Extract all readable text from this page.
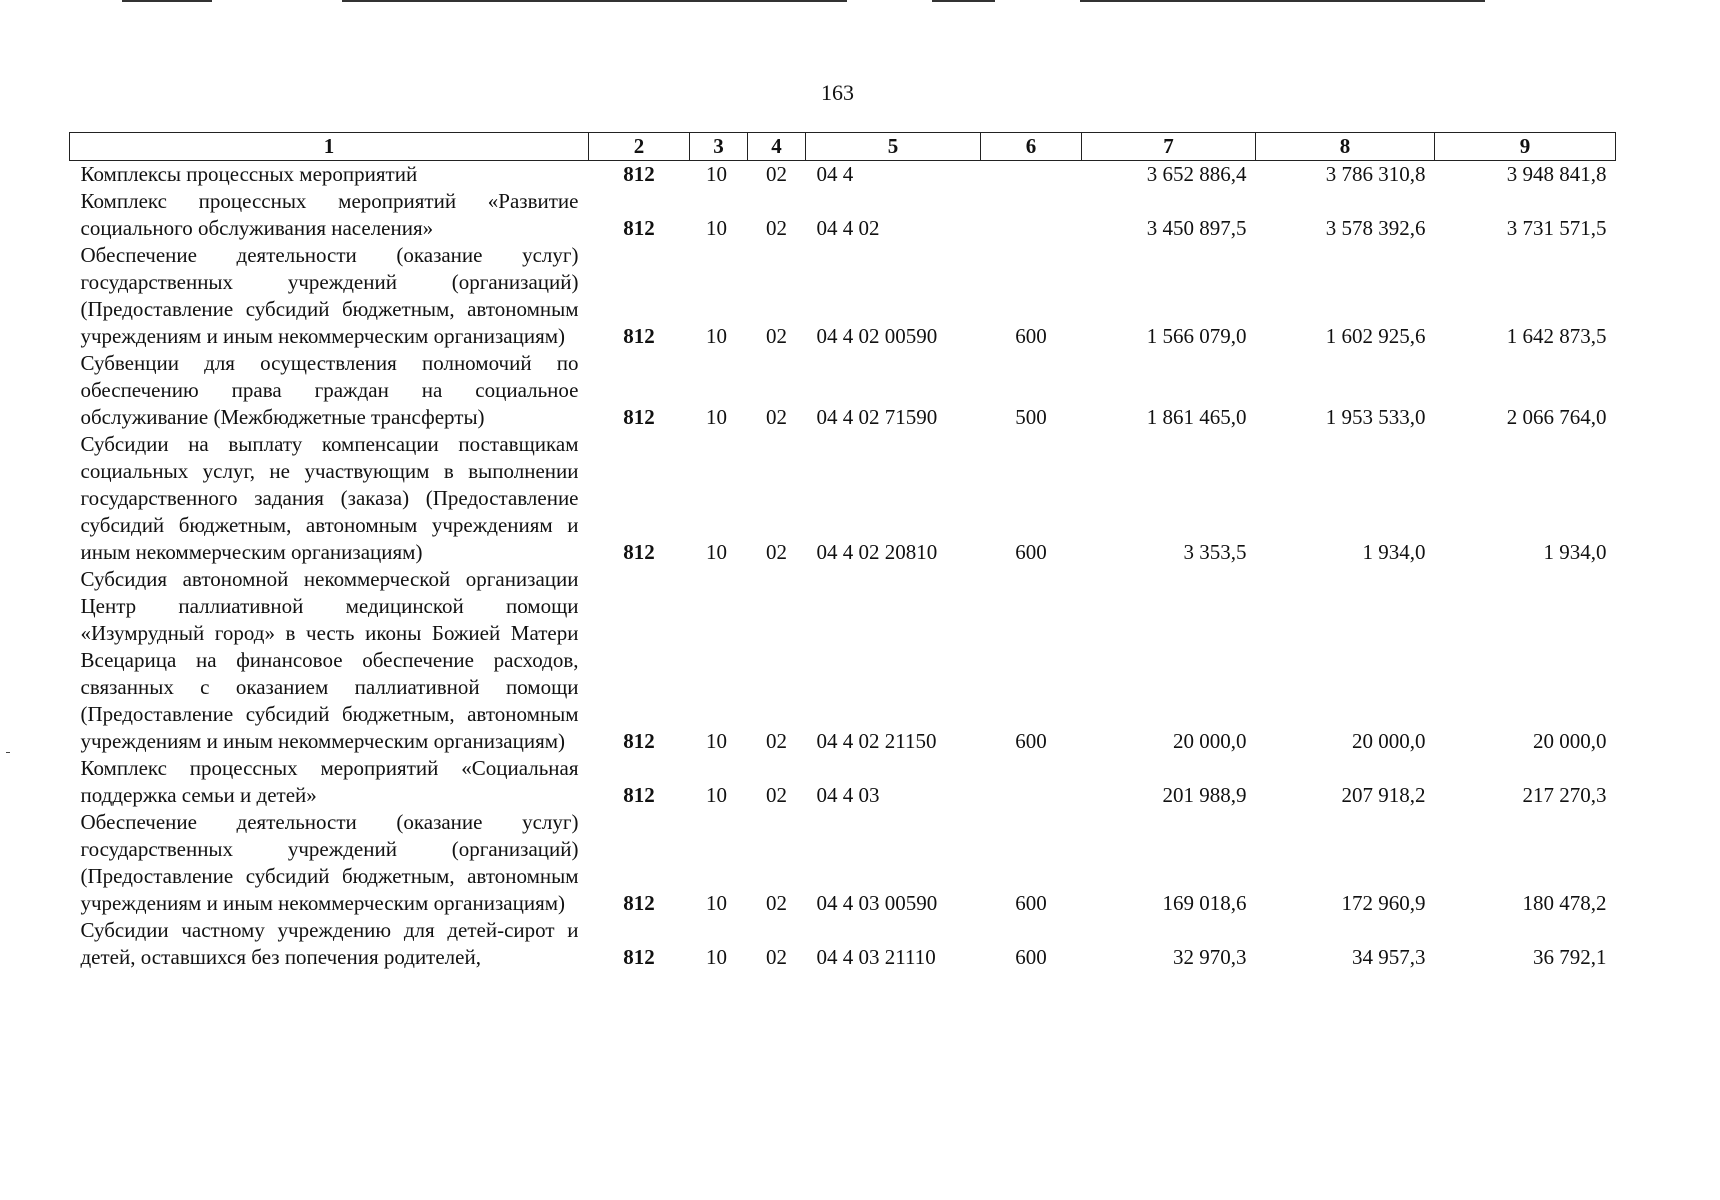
163
1	2	3	4	5	6	7	8	9
Комплексы процессных мероприятий	812	10	02	04 4		3 652 886,4	3 786 310,8	3 948 841,8
Комплекс процессных мероприятий «Развитие социального обслуживания населения»	812	10	02	04 4 02		3 450 897,5	3 578 392,6	3 731 571,5
Обеспечение деятельности (оказание услуг) государственных учреждений (организаций) (Предоставление субсидий бюджетным, автономным учреждениям и иным некоммерческим организациям)	812	10	02	04 4 02 00590	600	1 566 079,0	1 602 925,6	1 642 873,5
Субвенции для осуществления полномочий по обеспечению права граждан на социальное обслуживание (Межбюджетные трансферты)	812	10	02	04 4 02 71590	500	1 861 465,0	1 953 533,0	2 066 764,0
Субсидии на выплату компенсации поставщикам социальных услуг, не участвующим в выполнении государственного задания (заказа) (Предоставление субсидий бюджетным, автономным учреждениям и иным некоммерческим организациям)	812	10	02	04 4 02 20810	600	3 353,5	1 934,0	1 934,0
Субсидия автономной некоммерческой организации Центр паллиативной медицинской помощи «Изумрудный город» в честь иконы Божией Матери Всецарица на финансовое обеспечение расходов, связанных с оказанием паллиативной помощи (Предоставление субсидий бюджетным, автономным учреждениям и иным некоммерческим организациям)	812	10	02	04 4 02 21150	600	20 000,0	20 000,0	20 000,0
Комплекс процессных мероприятий «Социальная поддержка семьи и детей»	812	10	02	04 4 03		201 988,9	207 918,2	217 270,3
Обеспечение деятельности (оказание услуг) государственных учреждений (организаций) (Предоставление субсидий бюджетным, автономным учреждениям и иным некоммерческим организациям)	812	10	02	04 4 03 00590	600	169 018,6	172 960,9	180 478,2
Субсидии частному учреждению для детей-сирот и детей, оставшихся без попечения родителей,	812	10	02	04 4 03 21110	600	32 970,3	34 957,3	36 792,1
